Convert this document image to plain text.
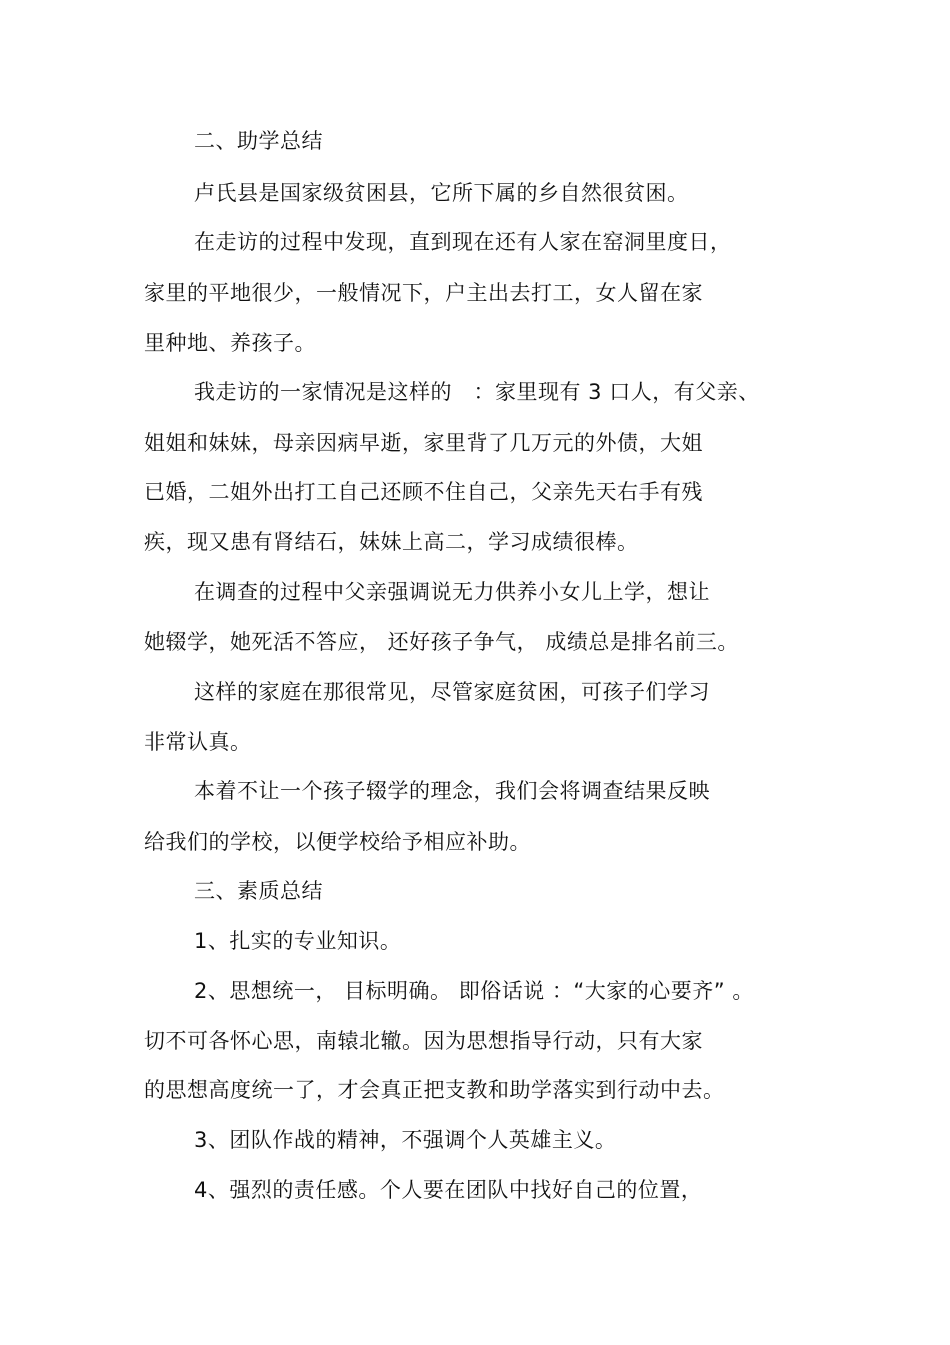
二、助学总结
卢氏县是国家级贫困县，它所下属的乡自然很贫困。
在走访的过程中发现，直到现在还有人家在窑洞里度日，
家里的平地很少，一般情况下，户主出去打工，女人留在家
里种地、养孩子。
我走访的一家情况是这样的　：家里现有 3 口人，有父亲、
姐姐和妹妹，母亲因病早逝，家里背了几万元的外债，大姐
已婚，二姐外出打工自己还顾不住自己，父亲先天右手有残
疾，现又患有肾结石，妹妹上高二，学习成绩很棒。
在调查的过程中父亲强调说无力供养小女儿上学，想让
她辍学，她死活不答应， 还好孩子争气， 成绩总是排名前三。
这样的家庭在那很常见，尽管家庭贫困，可孩子们学习
非常认真。
本着不让一个孩子辍学的理念，我们会将调查结果反映
给我们的学校，以便学校给予相应补助。
三、素质总结
1、扎实的专业知识。
2、思想统一， 目标明确。 即俗话说 ：“大家的心要齐” 。
切不可各怀心思，南辕北辙。因为思想指导行动，只有大家
的思想高度统一了，才会真正把支教和助学落实到行动中去。
3、团队作战的精神，不强调个人英雄主义。
4、强烈的责任感。个人要在团队中找好自己的位置，
